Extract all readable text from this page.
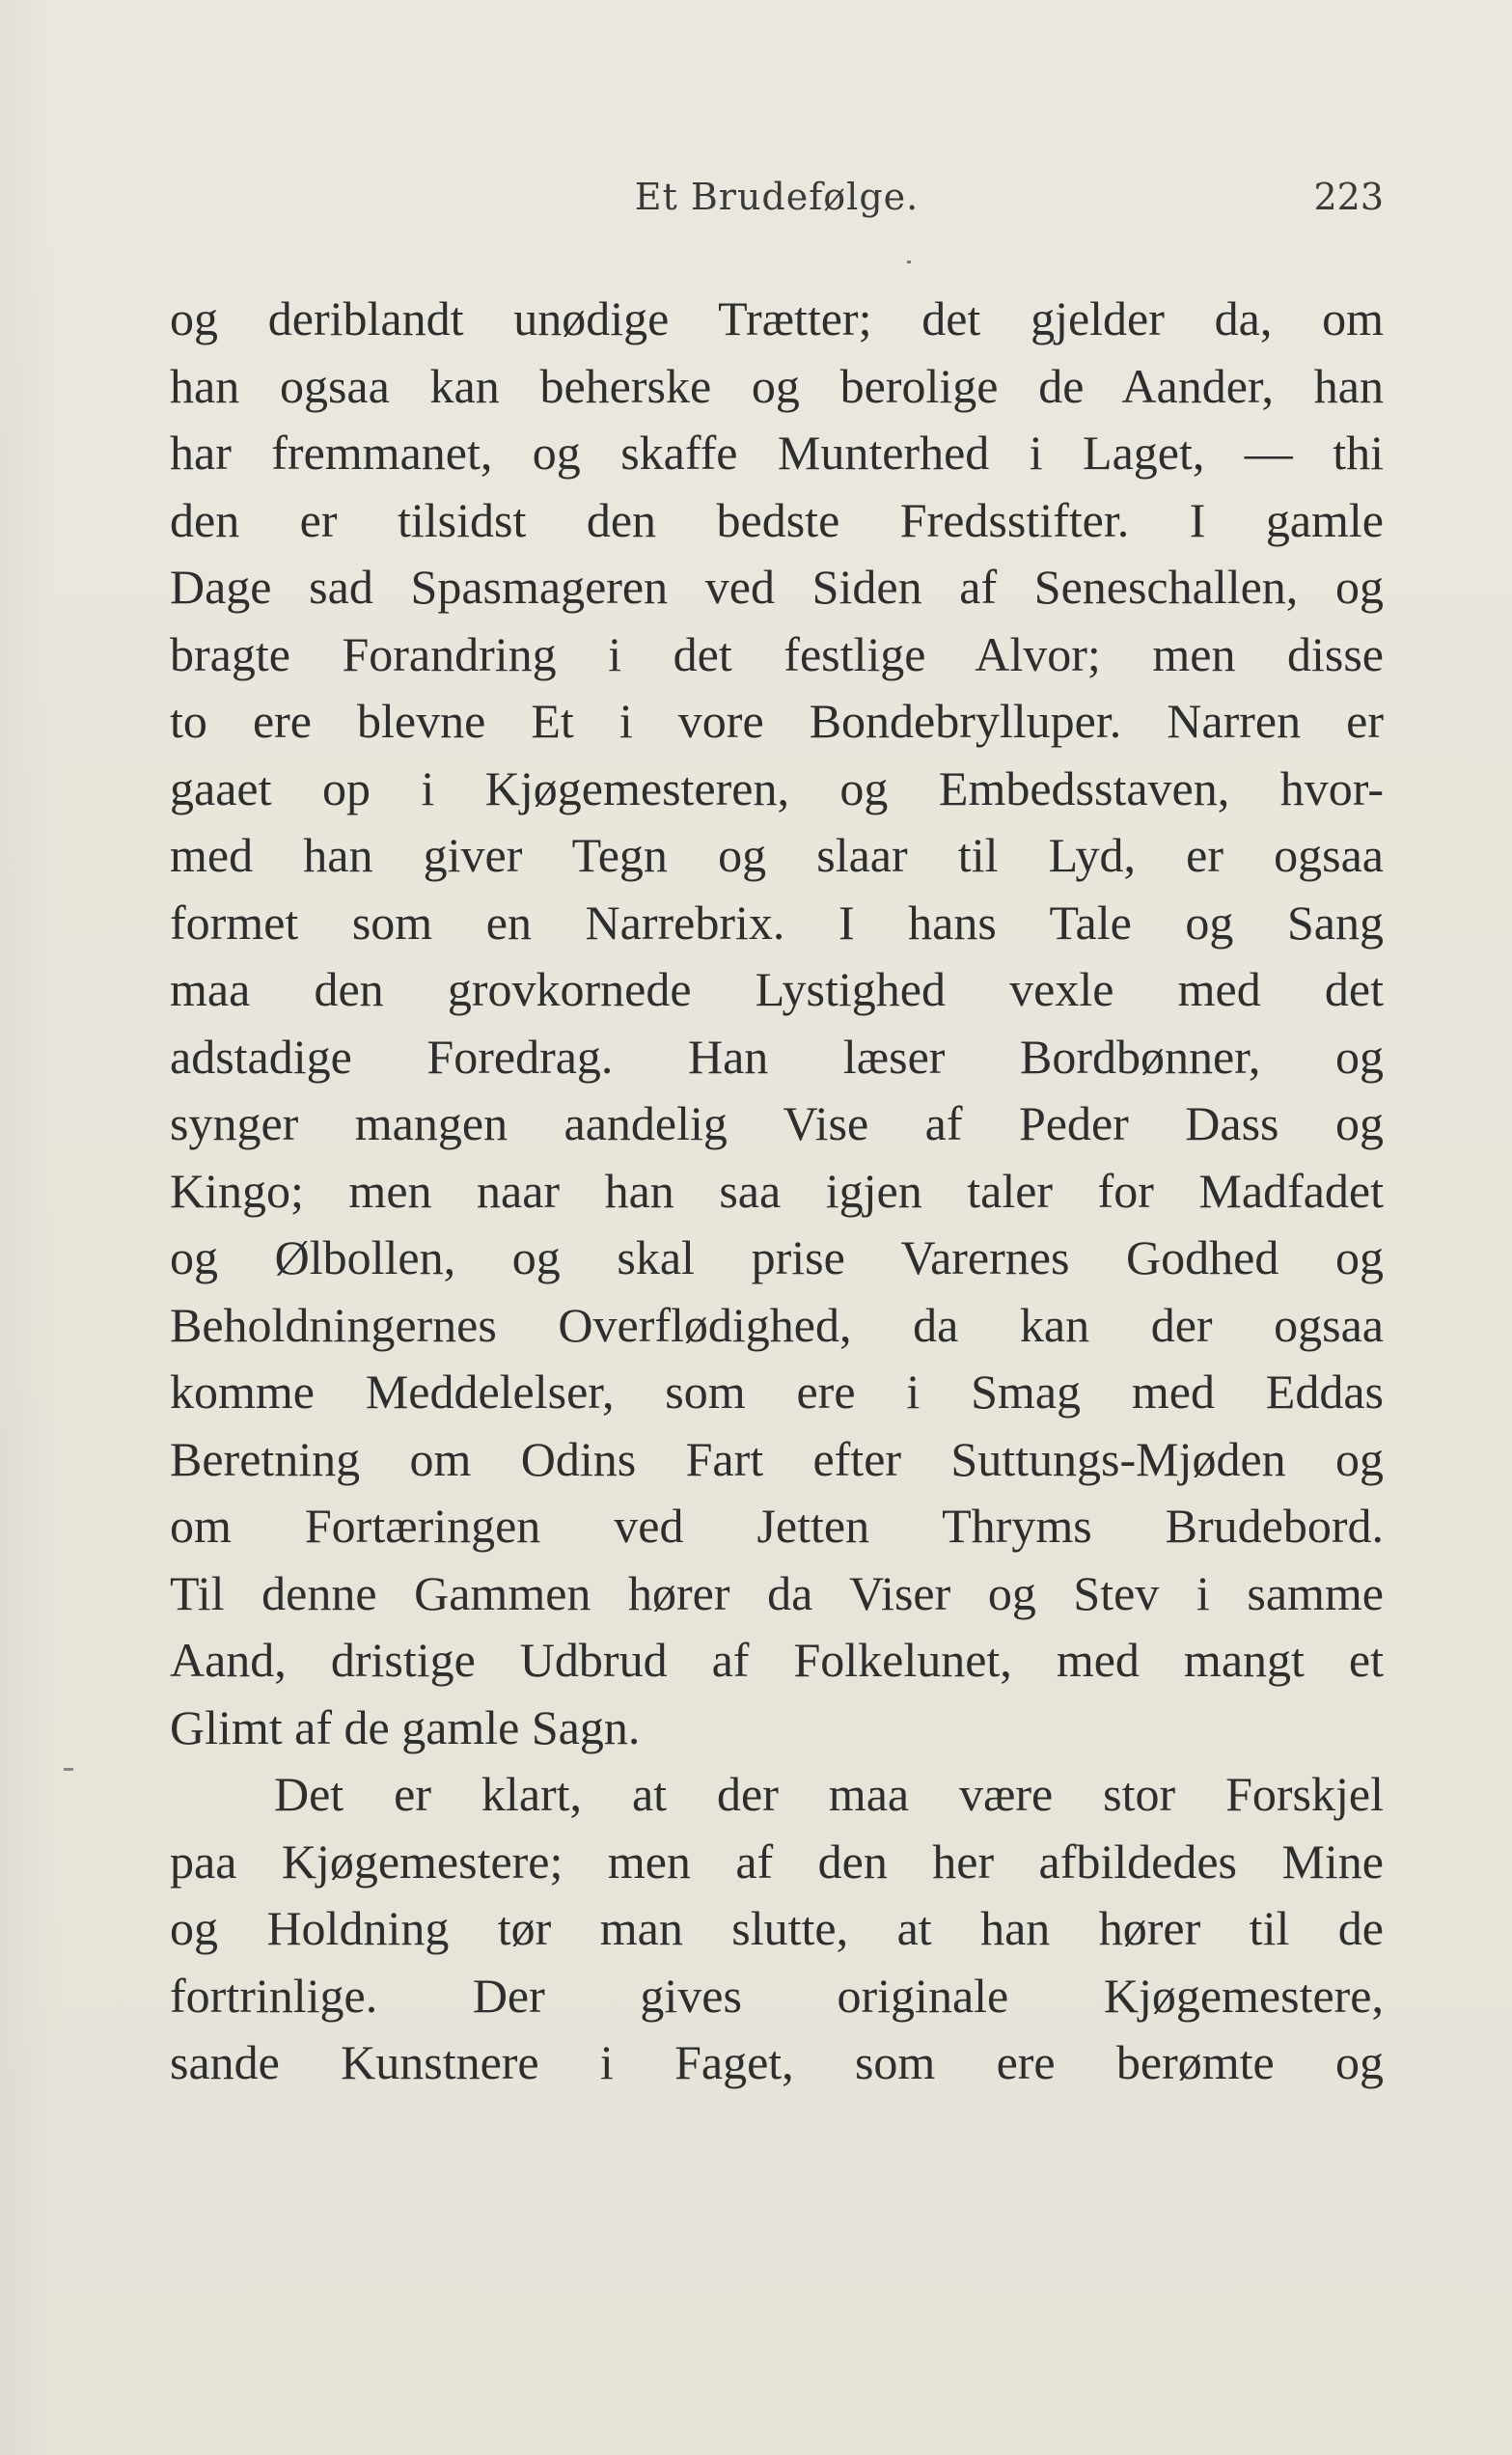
Et Brudefølge.	223
og deriblandt unødige Trætter; det gjelder da, om
han ogsaa kan beherske og berolige de Aander, han
har fremmanet, og skaffe Munterhed i Laget, — thi
den er tilsidst den bedste Fredsstifter. I gamle
Dage sad Spasmageren ved Siden af Seneschallen, og
bragte Forandring i det festlige Alvor; men disse
to ere blevne Et i vore Bondebrylluper. Narren er
gaaet op i Kjøgemesteren, og Embedsstaven, hvor-
med han giver Tegn og slaar til Lyd, er ogsaa
formet som en Narrebrix. I hans Tale og Sang
maa den grovkornede Lystighed vexle med det
adstadige Foredrag. Han læser Bordbønner, og
synger mangen aandelig Vise af Peder Dass og
Kingo; men naar han saa igjen taler for Madfadet
og Ølbollen, og skal prise Varernes Godhed og
Beholdningernes Overflødighed, da kan der ogsaa
komme Meddelelser, som ere i Smag med Eddas
Beretning om Odins Fart efter Suttungs-Mjøden og
om Fortæringen ved Jetten Thryms Brudebord.
Til denne Gammen hører da Viser og Stev i samme
Aand, dristige Udbrud af Folkelunet, med mangt et
Glimt af de gamle Sagn.
Det er klart, at der maa være stor Forskjel
paa Kjøgemestere; men af den her afbildedes Mine
og Holdning tør man slutte, at han hører til de
fortrinlige. Der gives originale Kjøgemestere,
sande Kunstnere i Faget, som ere berømte og
